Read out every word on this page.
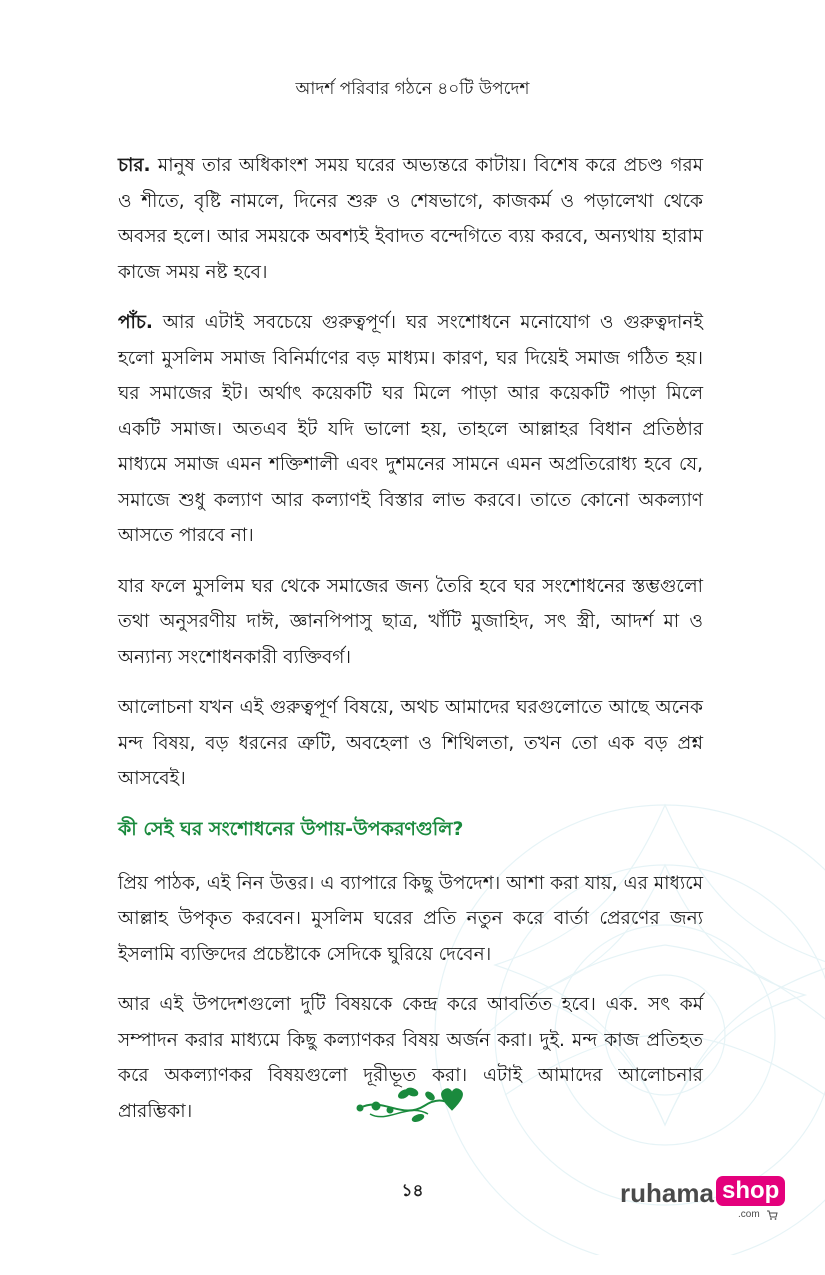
আদর্শ পরিবার গঠনে ৪০টি উপদেশ

চার. মানুষ তার অধিকাংশ সময় ঘরের অভ্যন্তরে কাটায়। বিশেষ করে প্রচণ্ড গরম ও শীতে, বৃষ্টি নামলে, দিনের শুরু ও শেষভাগে, কাজকর্ম ও পড়ালেখা থেকে অবসর হলে। আর সময়কে অবশ্যই ইবাদত বন্দেগিতে ব্যয় করবে, অন্যথায় হারাম কাজে সময় নষ্ট হবে।

পাঁচ. আর এটাই সবচেয়ে গুরুত্বপূর্ণ। ঘর সংশোধনে মনোযোগ ও গুরুত্বদানই হলো মুসলিম সমাজ বিনির্মাণের বড় মাধ্যম। কারণ, ঘর দিয়েই সমাজ গঠিত হয়। ঘর সমাজের ইট। অর্থাৎ কয়েকটি ঘর মিলে পাড়া আর কয়েকটি পাড়া মিলে একটি সমাজ। অতএব ইট যদি ভালো হয়, তাহলে আল্লাহর বিধান প্রতিষ্ঠার মাধ্যমে সমাজ এমন শক্তিশালী এবং দুশমনের সামনে এমন অপ্রতিরোধ্য হবে যে, সমাজে শুধু কল্যাণ আর কল্যাণই বিস্তার লাভ করবে। তাতে কোনো অকল্যাণ আসতে পারবে না।

যার ফলে মুসলিম ঘর থেকে সমাজের জন্য তৈরি হবে ঘর সংশোধনের স্তম্ভগুলো তথা অনুসরণীয় দাঈ, জ্ঞানপিপাসু ছাত্র, খাঁটি মুজাহিদ, সৎ স্ত্রী, আদর্শ মা ও অন্যান্য সংশোধনকারী ব্যক্তিবর্গ।

আলোচনা যখন এই গুরুত্বপূর্ণ বিষয়ে, অথচ আমাদের ঘরগুলোতে আছে অনেক মন্দ বিষয়, বড় ধরনের ত্রুটি, অবহেলা ও শিথিলতা, তখন তো এক বড় প্রশ্ন আসবেই।

কী সেই ঘর সংশোধনের উপায়-উপকরণগুলি?

প্রিয় পাঠক, এই নিন উত্তর। এ ব্যাপারে কিছু উপদেশ। আশা করা যায়, এর মাধ্যমে আল্লাহ উপকৃত করবেন। মুসলিম ঘরের প্রতি নতুন করে বার্তা প্রেরণের জন্য ইসলামি ব্যক্তিদের প্রচেষ্টাকে সেদিকে ঘুরিয়ে দেবেন।

আর এই উপদেশগুলো দুটি বিষয়কে কেন্দ্র করে আবর্তিত হবে। এক. সৎ কর্ম সম্পাদন করার মাধ্যমে কিছু কল্যাণকর বিষয় অর্জন করা। দুই. মন্দ কাজ প্রতিহত করে অকল্যাণকর বিষয়গুলো দূরীভূত করা। এটাই আমাদের আলোচনার প্রারম্ভিকা।

১৪	ruhama shop
.com
